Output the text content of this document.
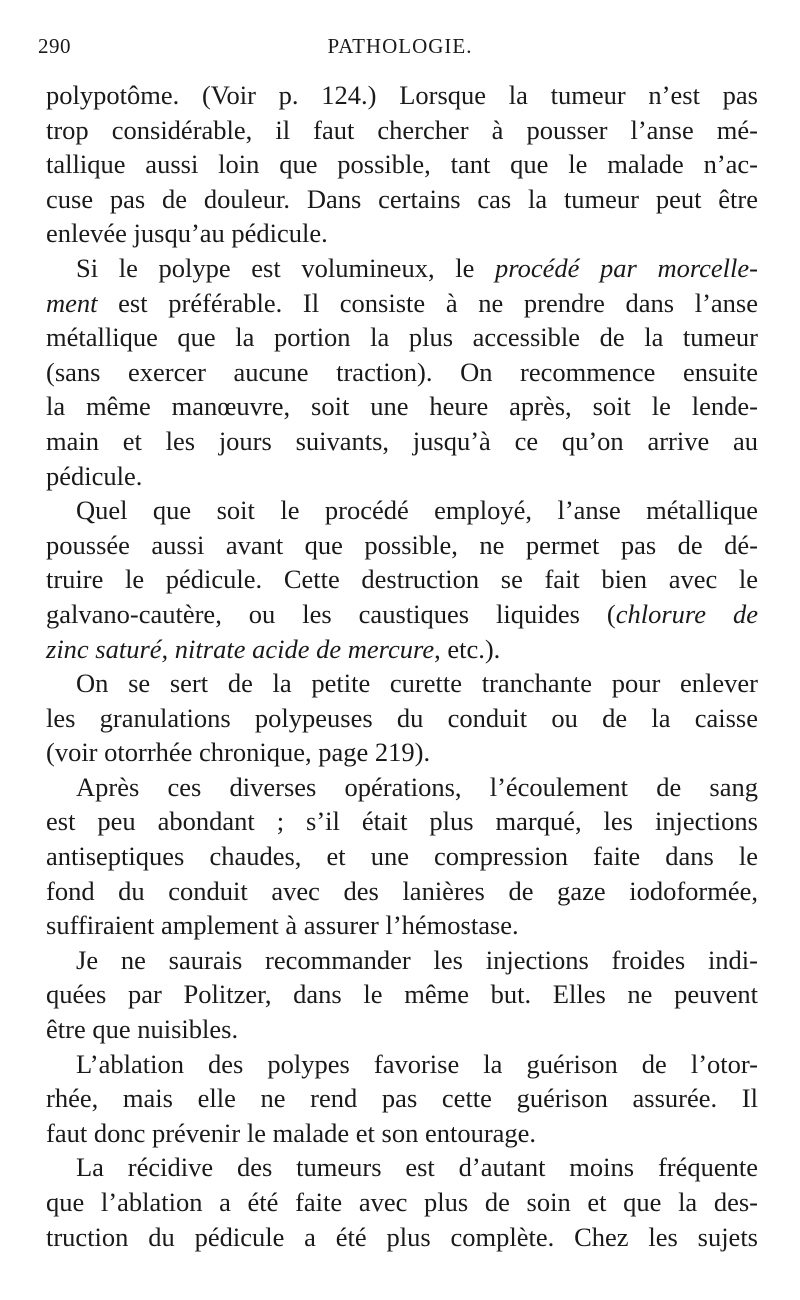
290	PATHOLOGIE.
polypotôme. (Voir p. 124.) Lorsque la tumeur n’est pas
trop considérable, il faut chercher à pousser l’anse mé-
tallique aussi loin que possible, tant que le malade n’ac-
cuse pas de douleur. Dans certains cas la tumeur peut être
enlevée jusqu’au pédicule.
Si le polype est volumineux, le procédé par morcelle-
ment est préférable. Il consiste à ne prendre dans l’anse
métallique que la portion la plus accessible de la tumeur
(sans exercer aucune traction). On recommence ensuite
la même manœuvre, soit une heure après, soit le lende-
main et les jours suivants, jusqu’à ce qu’on arrive au
pédicule.
Quel que soit le procédé employé, l’anse métallique
poussée aussi avant que possible, ne permet pas de dé-
truire le pédicule. Cette destruction se fait bien avec le
galvano-cautère, ou les caustiques liquides (chlorure de
zinc saturé, nitrate acide de mercure, etc.).
On se sert de la petite curette tranchante pour enlever
les granulations polypeuses du conduit ou de la caisse
(voir otorrhée chronique, page 219).
Après ces diverses opérations, l’écoulement de sang
est peu abondant ; s’il était plus marqué, les injections
antiseptiques chaudes, et une compression faite dans le
fond du conduit avec des lanières de gaze iodoformée,
suffiraient amplement à assurer l’hémostase.
Je ne saurais recommander les injections froides indi-
quées par Politzer, dans le même but. Elles ne peuvent
être que nuisibles.
L’ablation des polypes favorise la guérison de l’otor-
rhée, mais elle ne rend pas cette guérison assurée. Il
faut donc prévenir le malade et son entourage.
La récidive des tumeurs est d’autant moins fréquente
que l’ablation a été faite avec plus de soin et que la des-
truction du pédicule a été plus complète. Chez les sujets
